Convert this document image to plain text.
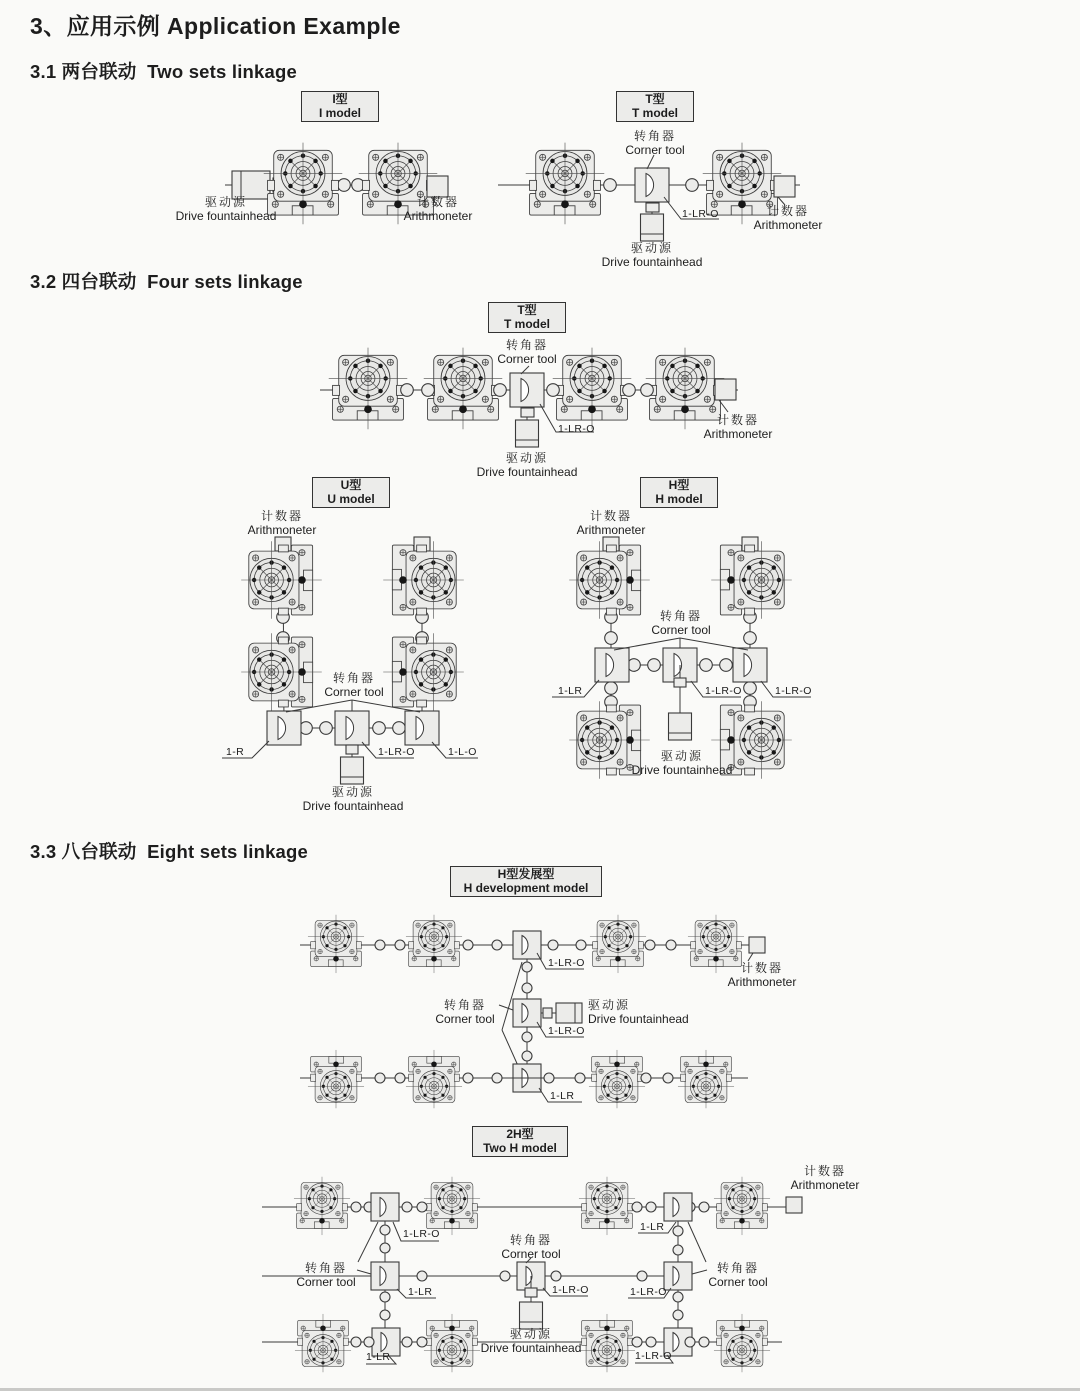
3、应用示例 Application Example
3.1 两台联动  Two sets linkage
3.2 四台联动  Four sets linkage
3.3 八台联动  Eight sets linkage
I型
I model
T型
T model
T型
T model
U型
U model
H型
H model
H型发展型
H development model
2H型
Two H model
驱动源
Drive fountainhead
计数器
Arithmoneter
转角器
Corner tool
1-LR-O
驱动源
Drive fountainhead
计数器
Arithmoneter
转角器
Corner tool
1-LR-O
驱动源
Drive fountainhead
计数器
Arithmoneter
计数器
Arithmoneter
转角器
Corner tool
1-R	1-LR-O	1-L-O
驱动源
Drive fountainhead
计数器
Arithmoneter
转角器
Corner tool
1-LR	1-LR-O	1-LR-O
驱动源
Drive fountainhead
1-LR-O	计数器
Arithmoneter
转角器
Corner tool
驱动源
Drive fountainhead
1-LR-O
1-LR
计数器
Arithmoneter
1-LR-O
1-LR
转角器
Corner tool
转角器
Corner tool
转角器
Corner tool
1-LR	1-LR-O	1-LR-O
驱动源
Drive fountainhead
1-LR	1-LR-O
